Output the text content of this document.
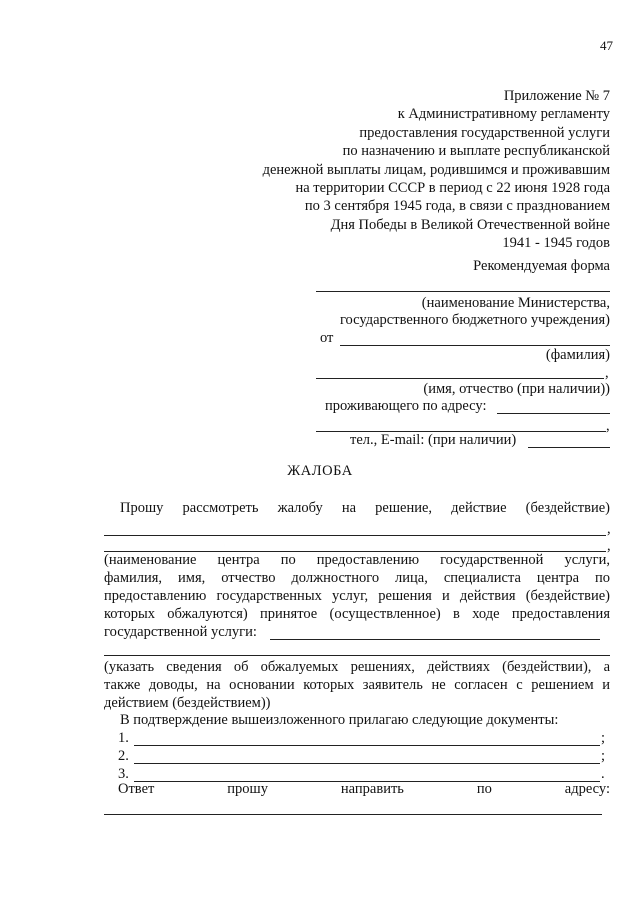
47
Приложение № 7
к Административному регламенту
предоставления государственной услуги
по назначению и выплате республиканской
денежной выплаты лицам, родившимся и проживавшим
на территории СССР в период с 22 июня 1928 года
по 3 сентября 1945 года, в связи с празднованием
Дня Победы в Великой Отечественной войне
1941 - 1945 годов
Рекомендуемая форма
(наименование Министерства,
государственного бюджетного учреждения)
от
(фамилия)
,
(имя, отчество (при наличии))
проживающего по адресу:
,
тел., E-mail: (при наличии)
ЖАЛОБА
Прошу рассмотреть жалобу на решение, действие (бездействие)
,
,
(наименование центра по предоставлению государственной услуги,
фамилия, имя, отчество должностного лица, специалиста центра по
предоставлению государственных услуг, решения и действия (бездействие)
которых обжалуются) принятое (осуществленное) в ходе предоставления
государственной услуги:
(указать сведения об обжалуемых решениях, действиях (бездействии), а
также доводы, на основании которых заявитель не согласен с решением и
действием (бездействием))
В подтверждение вышеизложенного прилагаю следующие документы:
1.	;
2.	;
3.	.
Ответ прошу направить по адресу:
